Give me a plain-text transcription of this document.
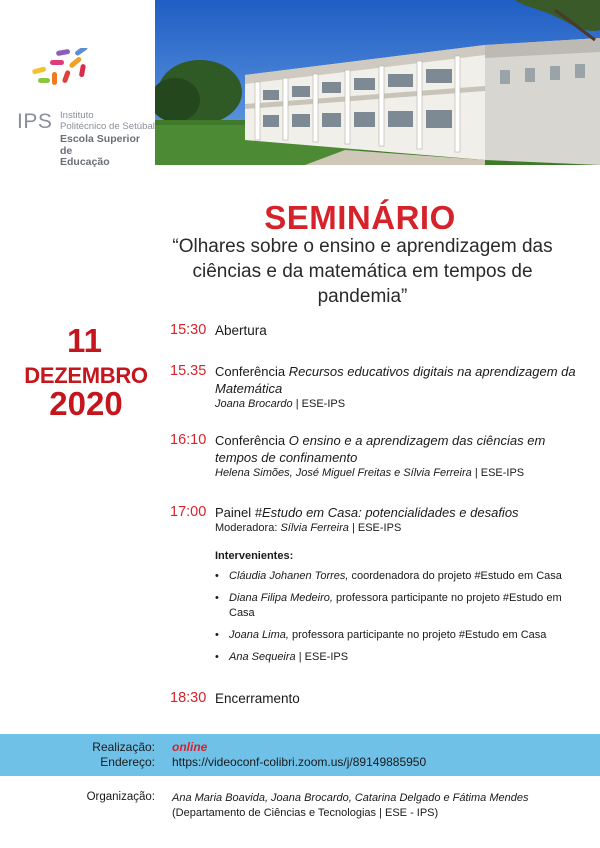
IPS Instituto
Politécnico de Setúbal
Escola Superior de
Educação
SEMINÁRIO
“Olhares sobre o ensino e aprendizagem das ciências e da matemática em tempos de pandemia”
11
DEZEMBRO
2020
15:30 Abertura
15.35 Conferência Recursos educativos digitais na aprendizagem da Matemática
Joana Brocardo | ESE-IPS
16:10 Conferência O ensino e a aprendizagem das ciências em tempos de confinamento
Helena Simões, José Miguel Freitas e Sílvia Ferreira | ESE-IPS
17:00 Painel #Estudo em Casa: potencialidades e desafios
Moderadora: Sílvia Ferreira | ESE-IPS
Intervenientes:
• Cláudia Johanen Torres, coordenadora do projeto #Estudo em Casa
• Diana Filipa Medeiro, professora participante no projeto #Estudo em Casa
• Joana Lima, professora participante no projeto #Estudo em Casa
• Ana Sequeira | ESE-IPS
18:30 Encerramento
Realização:
Endereço:
online
https://videoconf-colibri.zoom.us/j/89149885950
Organização: Ana Maria Boavida, Joana Brocardo, Catarina Delgado e Fátima Mendes
(Departamento de Ciências e Tecnologias | ESE - IPS)
